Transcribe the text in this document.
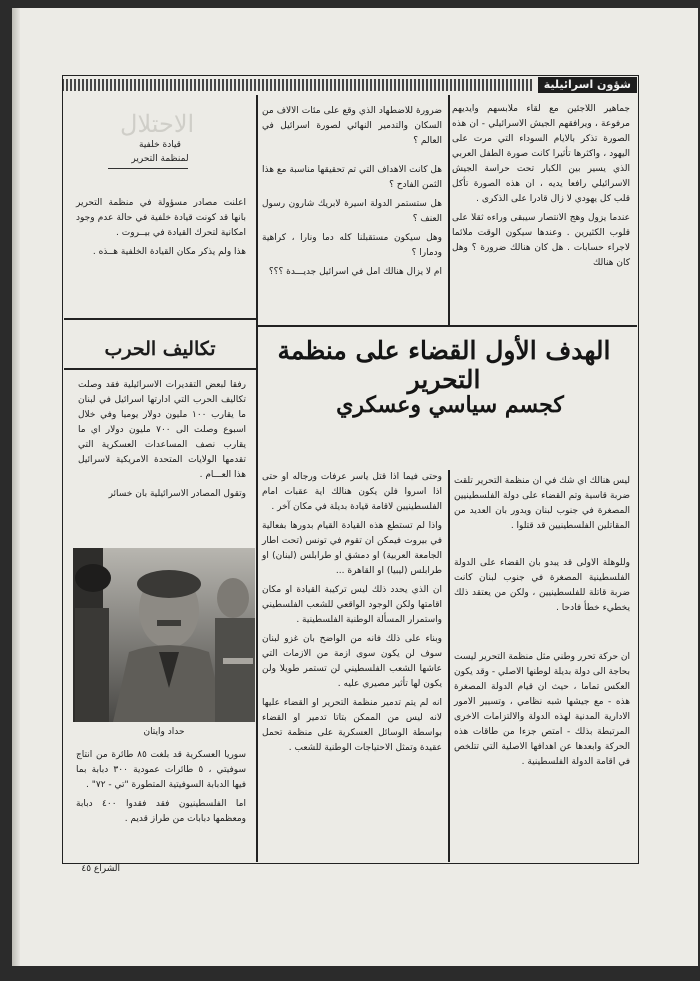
الاحتلال
شؤون اسرائيلية

جماهير اللاجئين مع لقاء ملابسهم وايديهم مرفوعة ، ويرافقهم الجيش الاسرائيلي - ان هذه الصورة تذكر بالايام السوداء التي مرت على اليهود ، واكثرها تأثيرا كانت صورة الطفل العربي الذي يسير بين الكبار تحت حراسة الجيش الاسرائيلي رافعا يديه ، ان هذه الصورة تأكل قلب كل يهودي لا زال قادرا على الذكرى .

عندما يزول وهج الانتصار سيبقى وراءه ثقلا على قلوب الكثيرين . وعندها سيكون الوقت ملائما لاجراء حسابات . هل كان هنالك ضرورة ؟ وهل كان هنالك

ضرورة للاضطهاد الذي وقع على مئات الالاف من السكان والتدمير النهائي لصورة اسرائيل في العالم ؟

هل كانت الاهداف التي تم تحقيقها مناسبة مع هذا الثمن الفادح ؟

هل ستستمر الدولة اسيرة لابريك شارون رسول العنف ؟

وهل سيكون مستقبلنا كله دما ونارا ، كراهية ودمارا ؟

ام لا يزال هنالك امل في اسرائيل جديـــدة ؟؟؟

قيادة خلفية
لمنظمة التحرير

اعلنت مصادر مسؤولة في منظمة التحرير بانها قد كونت قيادة خلفية في حالة عدم وجود امكانية لتحرك القيادة في بيــروت .

هذا ولم يذكر مكان القيادة الخلفية هــذه .

الهدف الأول القضاء على منظمة التحرير
كجسم سياسي وعسكري
تكاليف الحرب

رفقا لبعض التقديرات الاسرائيلية فقد وصلت تكاليف الحرب التي ادارتها اسرائيل في لبنان ما يقارب ١٠٠ مليون دولار يوميا وفي خلال اسبوع وصلت الى ٧٠٠ مليون دولار اي ما يقارب نصف المساعدات العسكرية التي تقدمها الولايات المتحدة الامريكية لاسرائيل هذا العـــام .

وتقول المصادر الاسرائيلية بان خسائر

حداد وايتان

سوريا العسكرية قد بلغت ٨٥ طائرة من انتاج سوفيتي ، ٥ طائرات عمودية ٣٠٠ دبابة بما فيها الدبابة السوفيتية المتطورة "تي - ٧٢" .

اما الفلسطينيون فقد فقدوا ٤٠٠ دبابة ومعظمها دبابات من طراز قديم .

ليس هنالك اي شك في ان منظمة التحرير تلقت ضربة قاسية وتم القضاء على دولة الفلسطينيين المصغرة في جنوب لبنان ويدور بان العديد من المقاتلين الفلسطينيين قد قتلوا .

وللوهلة الاولى قد يبدو بان القضاء على الدولة الفلسطينية المصغرة في جنوب لبنان كانت ضربة قاتلة للفلسطينيين ، ولكن من يعتقد ذلك يخطيء خطأ فادحا .

ان حركة تحرر وطني مثل منظمة التحرير ليست بحاجة الى دولة بديلة لوطنها الاصلي - وقد يكون العكس تماما ، حيث ان قيام الدولة المصغرة هذه - مع جيشها شبه نظامي ، وتسيير الامور الادارية المدنية لهذه الدولة والالتزامات الاخرى المرتبطة بذلك - امتص جزءا من طاقات هذه الحركة وابعدها عن اهدافها الاصلية التي تتلخص في اقامة الدولة الفلسطينية .

وحتى فيما اذا قتل ياسر عرفات ورجاله او حتى اذا اسروا فلن يكون هنالك اية عقبات امام الفلسطينيين لاقامة قيادة بديلة في مكان آخر .

واذا لم تستطع هذه القيادة القيام بدورها بفعالية في بيروت فيمكن ان تقوم في تونس (تحت اطار الجامعة العربية) او دمشق او طرابلس (لبنان) او طرابلس (ليبيا) او القاهرة ...

ان الذي يحدد ذلك ليس تركيبة القيادة او مكان اقامتها ولكن الوجود الواقعي للشعب الفلسطيني واستمرار المسألة الوطنية الفلسطينية .

وبناء على ذلك فانه من الواضح بان غزو لبنان سوف لن يكون سوى ازمة من الازمات التي عاشها الشعب الفلسطيني لن تستمر طويلا ولن يكون لها تأثير مصيري عليه .

انه لم يتم تدمير منظمة التحرير او القضاء عليها لانه ليس من الممكن بتاتا تدمير او القضاء بواسطة الوسائل العسكرية على منظمة تحمل عقيدة وتمثل الاحتياجات الوطنية للشعب .

الشراع ٤٥
